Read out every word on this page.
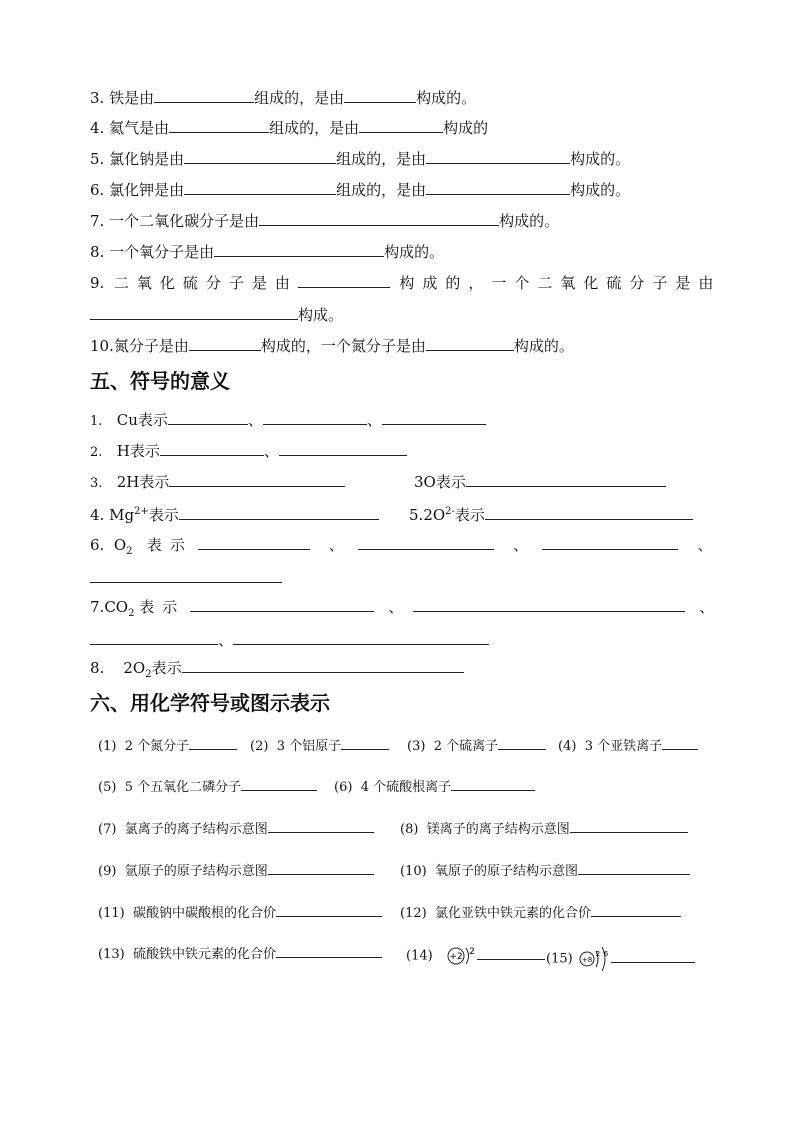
3. 铁是由	组成的，是由	构成的。
4. 氦气是由	组成的，是由	构成的
5. 氯化钠是由	组成的，是由	构成的。
6. 氯化钾是由	组成的，是由	构成的。
7. 一个二氧化碳分子是由	构成的。
8. 一个氧分子是由	构成的。
9. 二氧化硫分子是由	构成的，一个二氧化硫分子是由
构成。
10.氮分子是由	构成的，一个氮分子是由	构成的。
五、符号的意义
1. Cu表示	、	、
2. H表示	、
3. 2H表示	3O表示
4. $Mg^{2+}$表示	$5.2O^{2-}$表示
6. $O_2$ 表示	、	、	、
$7.CO_2$ 表示	、	、
、
8. $2O_2$表示
六、用化学符号或图示表示
(1) 2 个氮分子	(2) 3 个铝原子	(3) 2 个硫离子	(4) 3 个亚铁离子
(5) 5 个五氧化二磷分子	(6) 4 个硫酸根离子
(7) 氯离子的离子结构示意图	(8) 镁离子的离子结构示意图
(9) 氩原子的原子结构示意图	(10) 氧原子的原子结构示意图
(11) 碳酸钠中碳酸根的化合价	(12) 氯化亚铁中铁元素的化合价
(13) 硫酸铁中铁元素的化合价	(14) +2 2	(15) +8
2 6
